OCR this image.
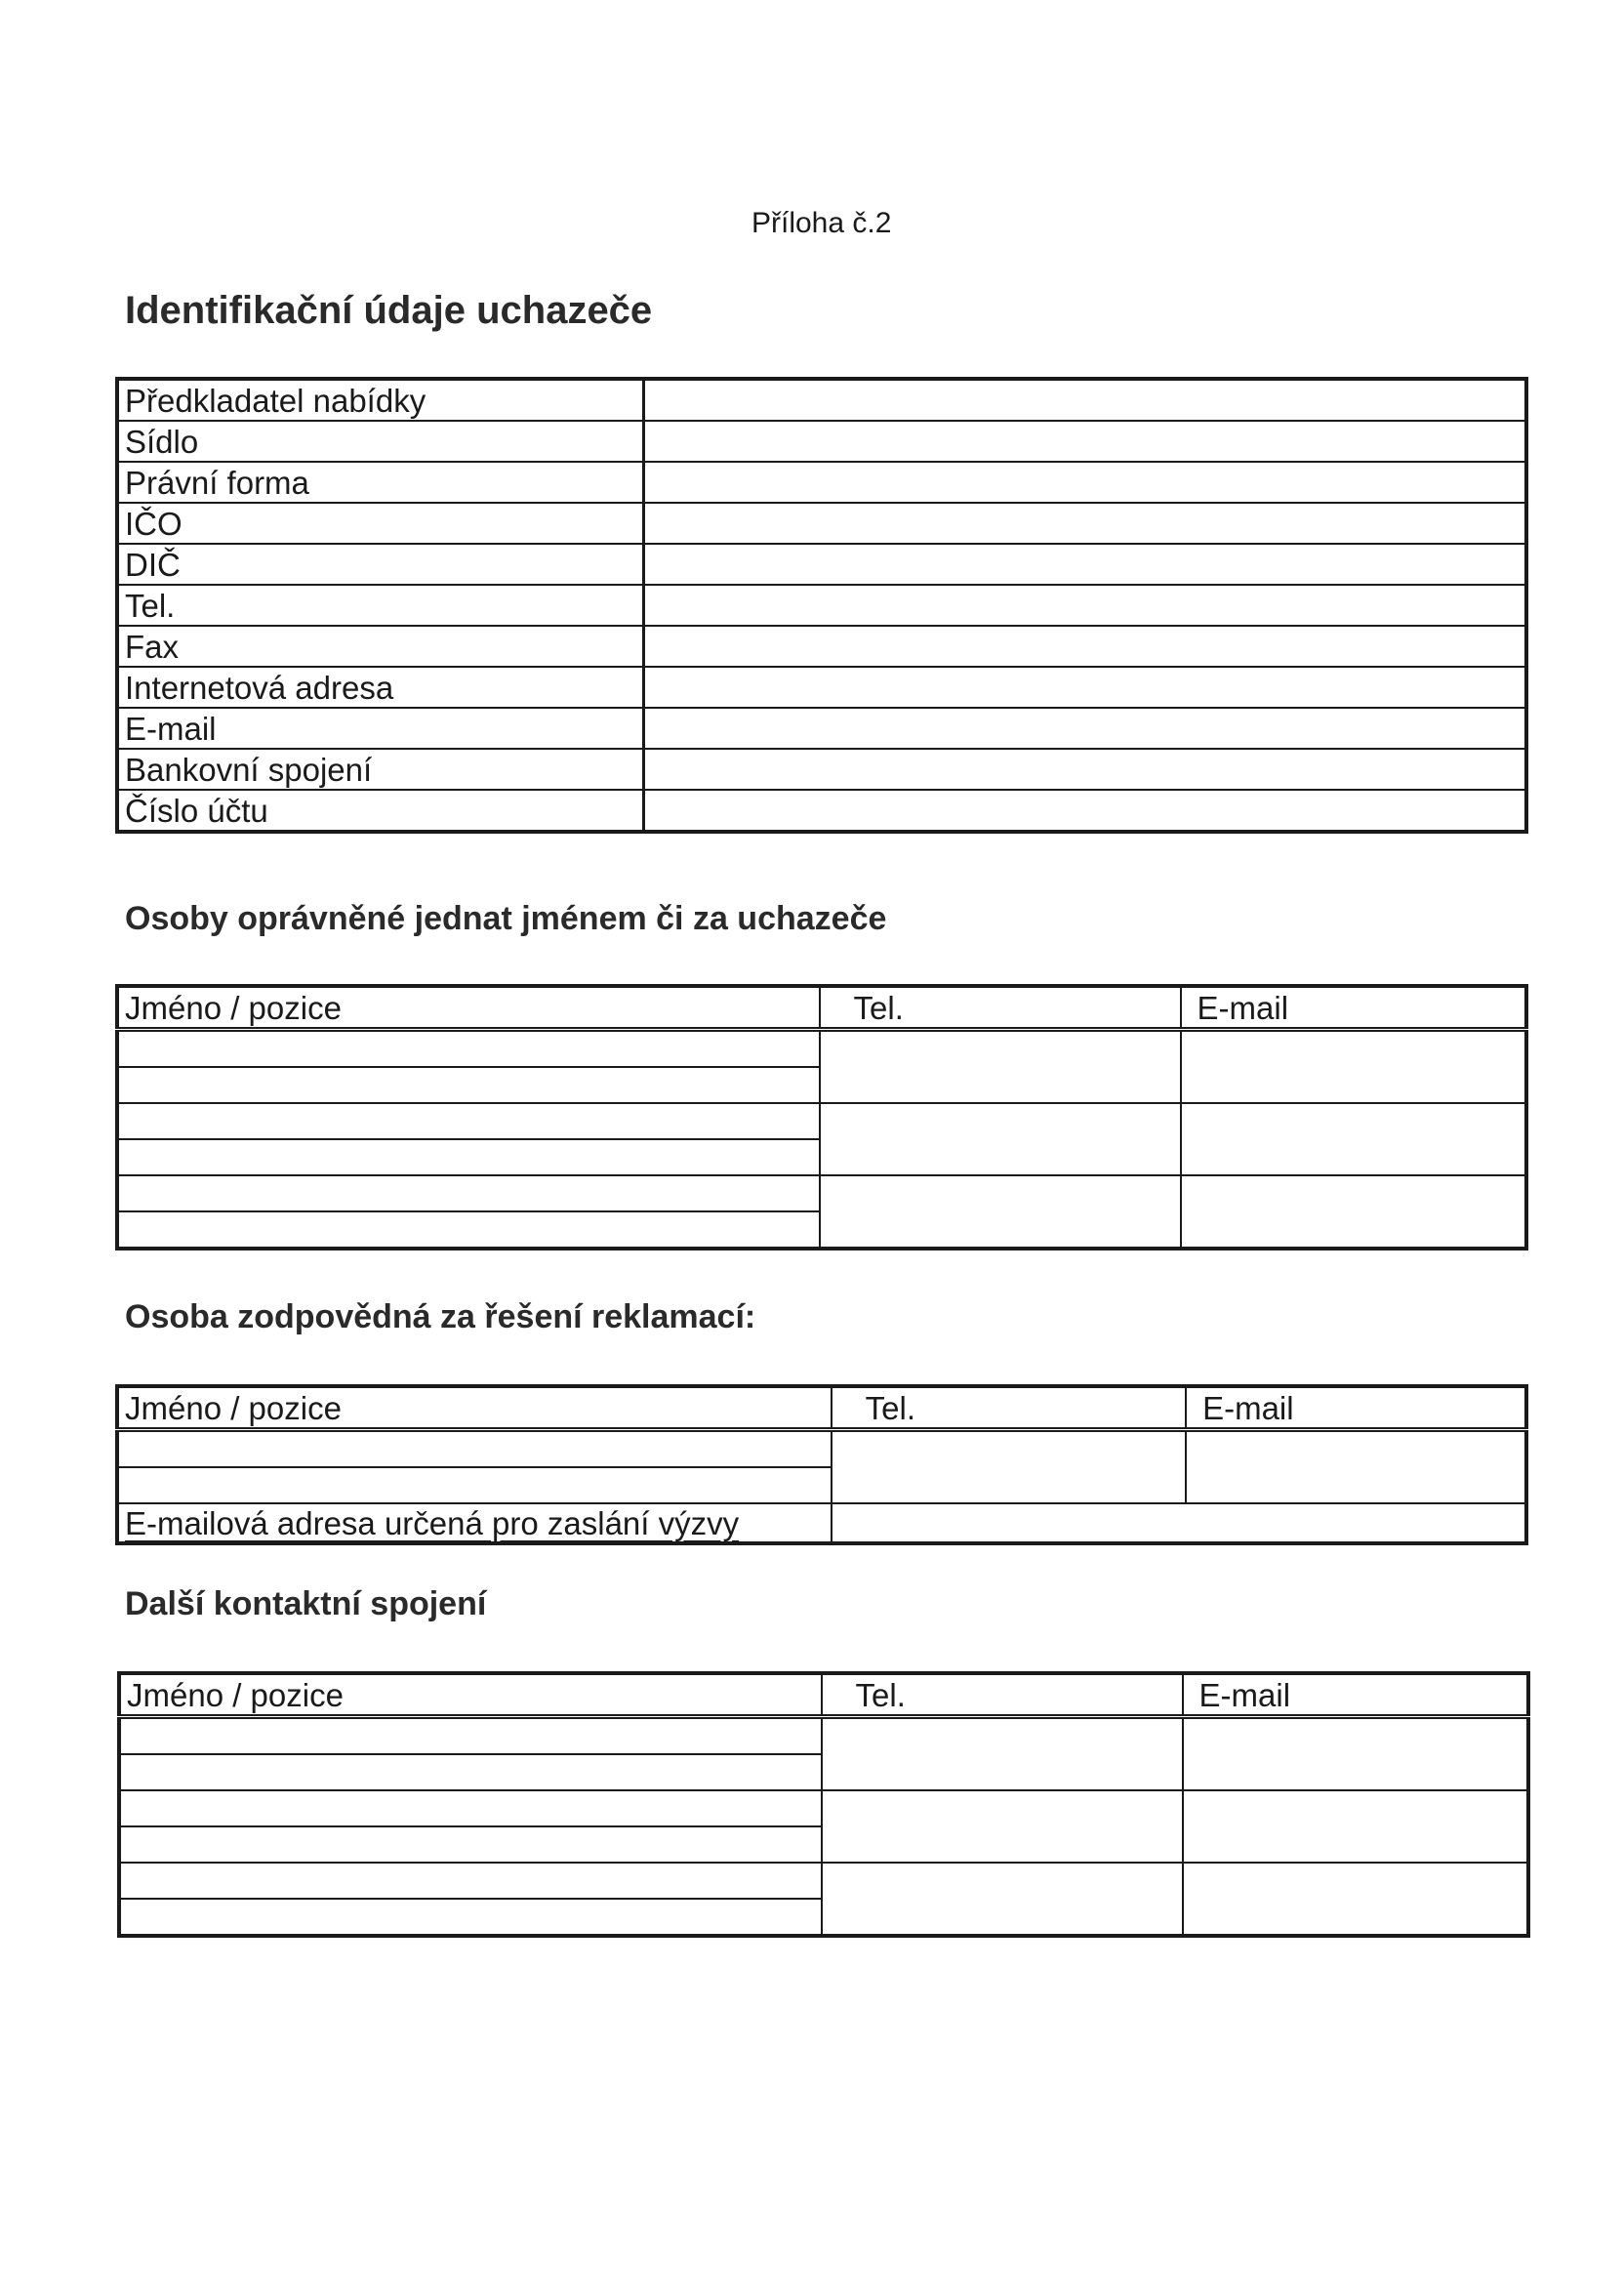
Příloha č.2
Identifikační údaje uchazeče
Předkladatel nabídky	
Sídlo	
Právní forma	
IČO	
DIČ	
Tel.	
Fax	
Internetová adresa	
E-mail	
Bankovní spojení	
Číslo účtu	
Osoby oprávněné jednat jménem či za uchazeče
Jméno / pozice	Tel.	E-mail

Osoba zodpovědná za řešení reklamací:
Jméno / pozice	Tel.	E-mail

E-mailová adresa určená pro zaslání výzvy		
Další kontaktní spojení
Jméno / pozice	Tel.	E-mail
